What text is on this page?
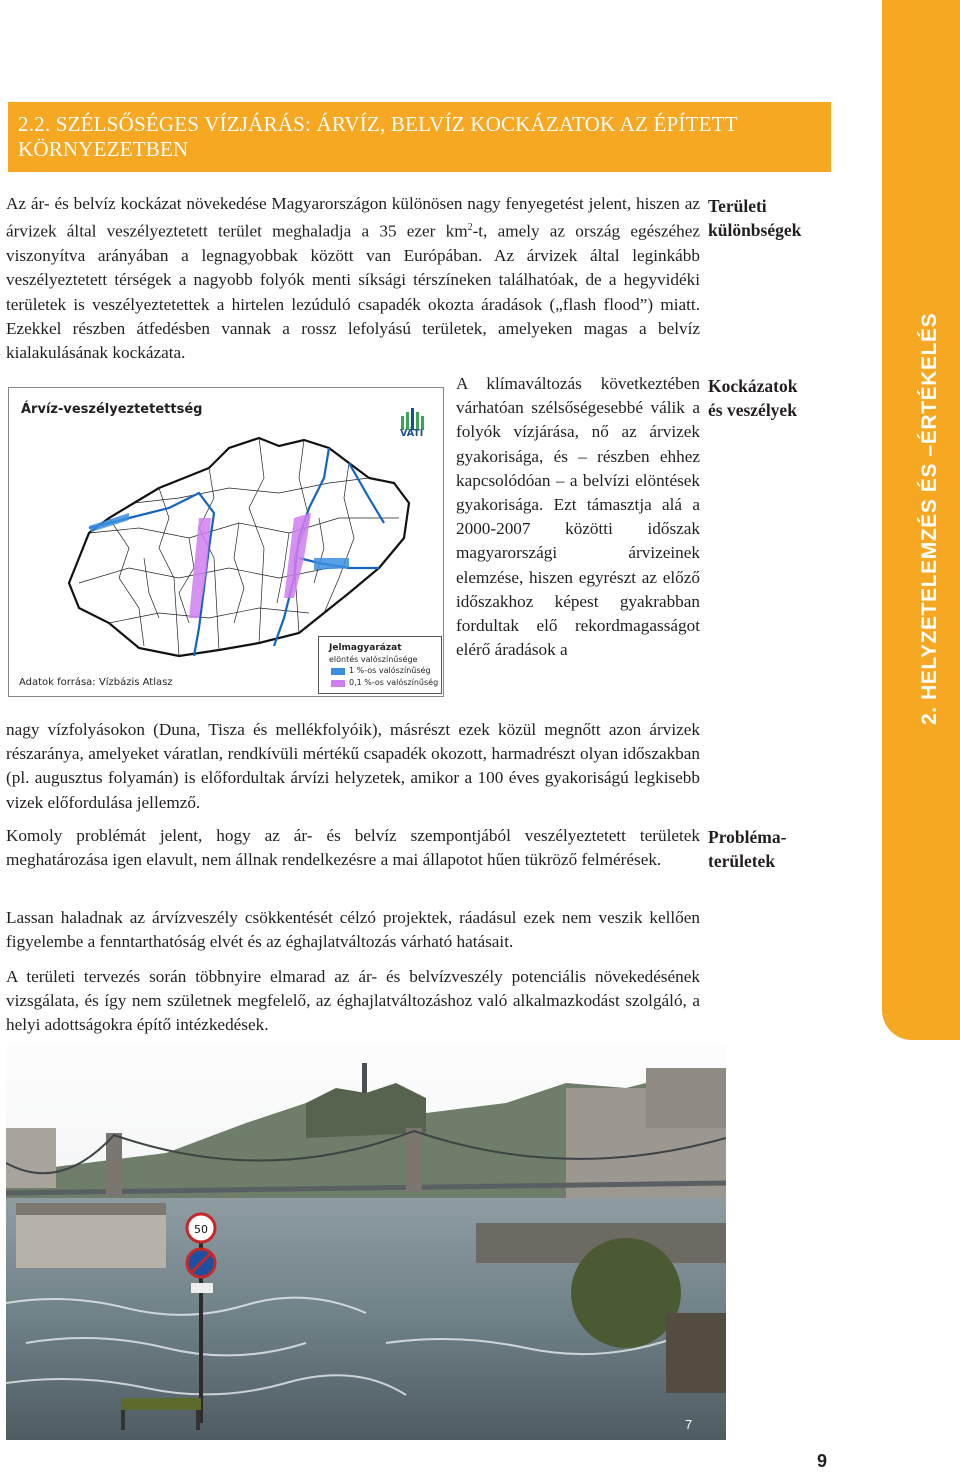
2.2. SZÉLSŐSÉGES VÍZJÁRÁS: ÁRVÍZ, BELVÍZ KOCKÁZATOK AZ ÉPÍTETT KÖRNYEZETBEN
2. HELYZETELEMZÉS ÉS –ÉRTÉKELÉS

Az ár- és belvíz kockázat növekedése Magyarországon különösen nagy fenyegetést jelent, hiszen az árvizek által veszélyeztetett terület meghaladja a 35 ezer $km^2-t$, amely az ország egészéhez viszonyítva arányában a legnagyobbak között van Európában. Az árvizek által leginkább veszélyeztetett térségek a nagyobb folyók menti síksági térszíneken találhatóak, de a hegyvidéki területek is veszélyeztetettek a hirtelen lezúduló csapadék okozta áradások („flash flood”) miatt. Ezekkel részben átfedésben vannak a rossz lefolyású területek, amelyeken magas a belvíz kialakulásának kockázata.

Területi
különbségek
Kockázatok
és veszélyek
Probléma-
területek
Árvíz-veszélyeztetettség
VÁTI
Jelmagyarázat
elöntés valószínűsége
1 %-os valószínűség
0,1 %-os valószínűség
Adatok forrása: Vízbázis Atlasz

A klímaváltozás következtében várhatóan szélsőségesebbé válik a folyók vízjárása, nő az árvizek gyakorisága, és – részben ehhez kapcsolódóan – a belvízi elöntések gyakorisága. Ezt támasztja alá a 2000-2007 közötti időszak magyarországi árvizeinek elemzése, hiszen egyrészt az előző időszakhoz képest gyakrabban fordultak elő rekordmagasságot elérő áradások a

nagy vízfolyásokon (Duna, Tisza és mellékfolyóik), másrészt ezek közül megnőtt azon árvizek részaránya, amelyeket váratlan, rendkívüli mértékű csapadék okozott, harmadrészt olyan időszakban (pl. augusztus folyamán) is előfordultak árvízi helyzetek, amikor a 100 éves gyakoriságú legkisebb vizek előfordulása jellemző.

Komoly problémát jelent, hogy az ár- és belvíz szempontjából veszélyeztetett területek meghatározása igen elavult, nem állnak rendelkezésre a mai állapotot hűen tükröző felmérések.

Lassan haladnak az árvízveszély csökkentését célzó projektek, ráadásul ezek nem veszik kellően figyelembe a fenntarthatóság elvét és az éghajlatváltozás várható hatásait.

A területi tervezés során többnyire elmarad az ár- és belvízveszély potenciális növekedésének vizsgálata, és így nem születnek megfelelő, az éghajlatváltozáshoz való alkalmazkodást szolgáló, a helyi adottságokra építő intézkedések.

50
7
9
